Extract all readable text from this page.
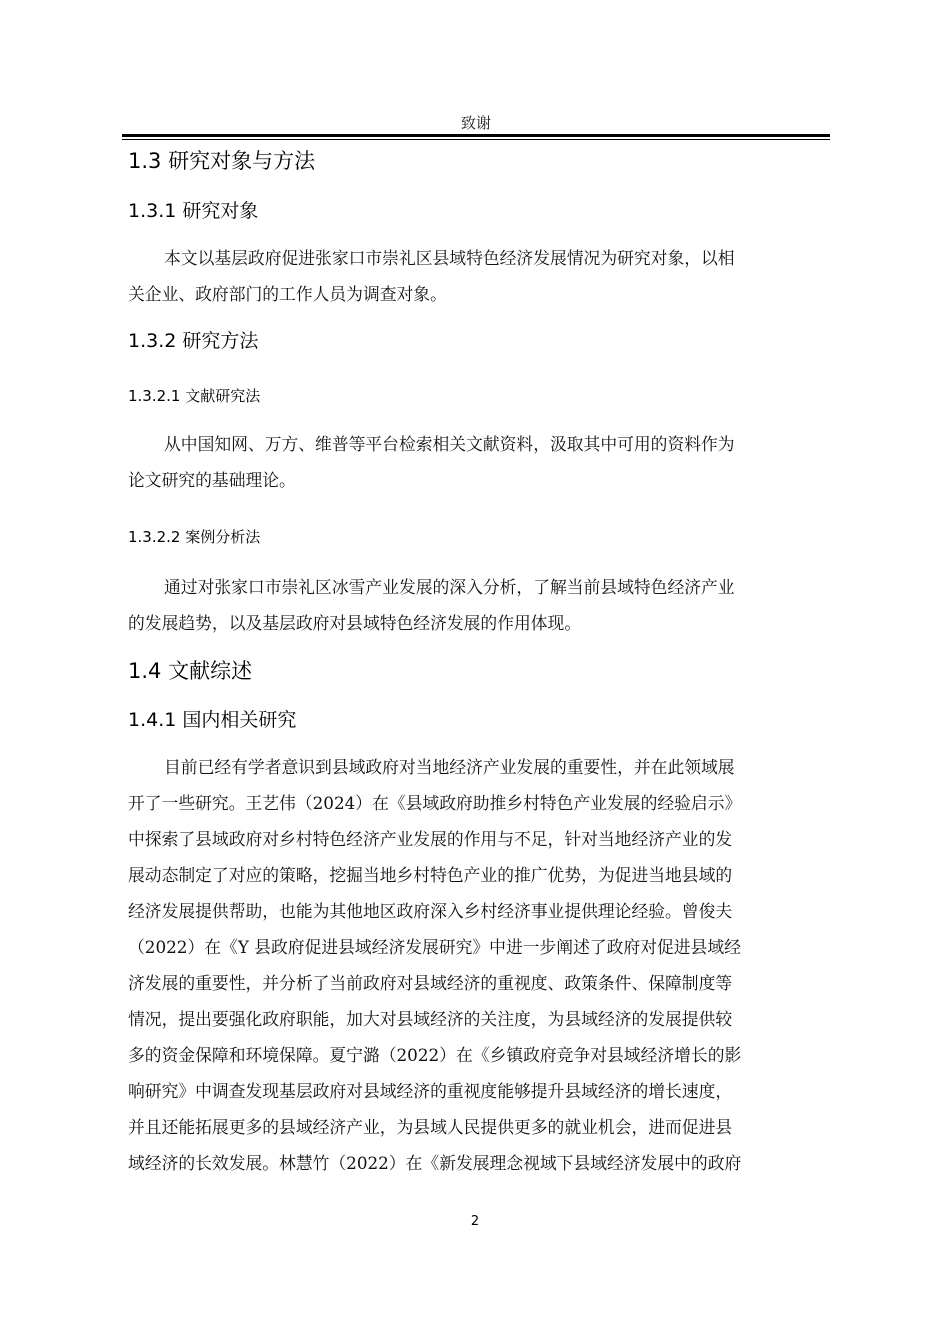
致谢
1.3 研究对象与方法
1.3.1 研究对象
本文以基层政府促进张家口市崇礼区县域特色经济发展情况为研究对象，以相
关企业、政府部门的工作人员为调查对象。
1.3.2 研究方法
1.3.2.1 文献研究法
从中国知网、万方、维普等平台检索相关文献资料，汲取其中可用的资料作为
论文研究的基础理论。
1.3.2.2 案例分析法
通过对张家口市崇礼区冰雪产业发展的深入分析，了解当前县域特色经济产业
的发展趋势，以及基层政府对县域特色经济发展的作用体现。
1.4 文献综述
1.4.1 国内相关研究
目前已经有学者意识到县域政府对当地经济产业发展的重要性，并在此领域展
开了一些研究。王艺伟（2024）在《县域政府助推乡村特色产业发展的经验启示》
中探索了县域政府对乡村特色经济产业发展的作用与不足，针对当地经济产业的发
展动态制定了对应的策略，挖掘当地乡村特色产业的推广优势，为促进当地县域的
经济发展提供帮助，也能为其他地区政府深入乡村经济事业提供理论经验。曾俊夫
（2022）在《Y 县政府促进县域经济发展研究》中进一步阐述了政府对促进县域经
济发展的重要性，并分析了当前政府对县域经济的重视度、政策条件、保障制度等
情况，提出要强化政府职能，加大对县域经济的关注度，为县域经济的发展提供较
多的资金保障和环境保障。夏宁潞（2022）在《乡镇政府竞争对县域经济增长的影
响研究》中调查发现基层政府对县域经济的重视度能够提升县域经济的增长速度，
并且还能拓展更多的县域经济产业，为县域人民提供更多的就业机会，进而促进县
域经济的长效发展。林慧竹（2022）在《新发展理念视域下县域经济发展中的政府
2
